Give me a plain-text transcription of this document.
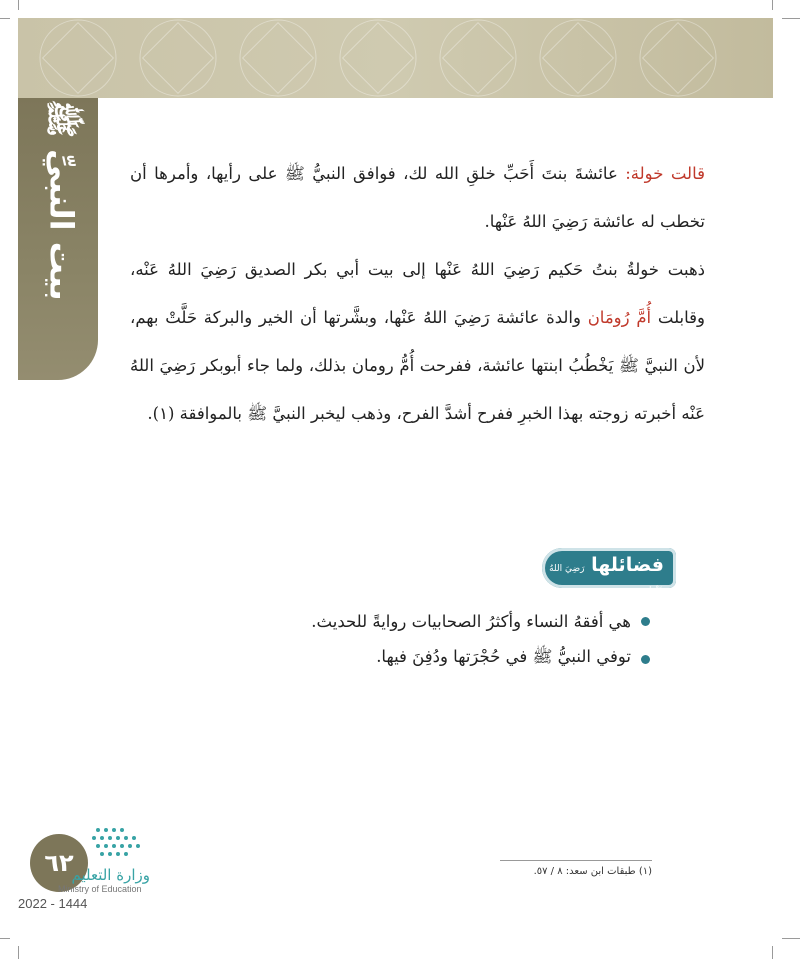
بيت النبيِّ ﷺ	قالت خولة: عائشةَ بنتَ أَحَبِّ خلقِ الله لك، فوافق النبيُّ ﷺ على رأيها، وأمرها أن تخطب له عائشة رَضِيَ اللهُ عَنْها.

ذهبت خولةُ بنتُ حَكيم رَضِيَ اللهُ عَنْها إلى بيت أبي بكر الصديق رَضِيَ اللهُ عَنْه، وقابلت أُمَّ رُومَان والدة عائشة رَضِيَ اللهُ عَنْها، وبشَّرتها أن الخير والبركة حَلَّتْ بهم، لأن النبيَّ ﷺ يَخْطُبُ ابنتها عائشة، ففرحت أُمُّ رومان بذلك، ولما جاء أبوبكر رَضِيَ اللهُ عَنْه أخبرته زوجته بهذا الخبرِ ففرح أشدَّ الفرح، وذهب ليخبر النبيَّ ﷺ بالموافقة (١).

فضائلها رَضِيَ اللهُ عَنْها
هي أفقهُ النساء وأكثرُ الصحابيات روايةً للحديث.
توفي النبيُّ ﷺ في حُجْرَتها ودُفِنَ فيها.
(١) طبقات ابن سعد: ٨ / ٥٧.
٦٢
وزارة التعليم
Ministry of Education
2022 - 1444
